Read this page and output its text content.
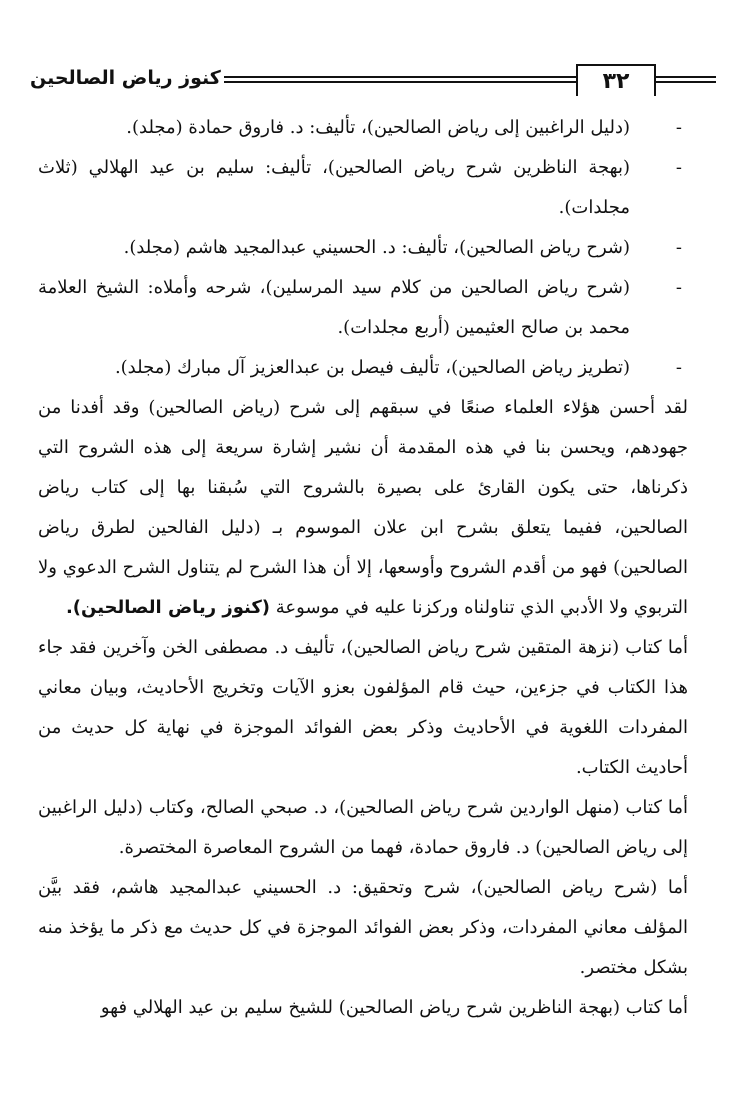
٣٢
كنوز رياض الصالحين
- (دليل الراغبين إلى رياض الصالحين)، تأليف: د. فاروق حمادة (مجلد).
- (بهجة الناظرين شرح رياض الصالحين)، تأليف: سليم بن عيد الهلالي (ثلاث مجلدات).
- (شرح رياض الصالحين)، تأليف: د. الحسيني عبدالمجيد هاشم (مجلد).
- (شرح رياض الصالحين من كلام سيد المرسلين)، شرحه وأملاه: الشيخ العلامة محمد بن صالح العثيمين (أربع مجلدات).
- (تطريز رياض الصالحين)، تأليف فيصل بن عبدالعزيز آل مبارك (مجلد).

لقد أحسن هؤلاء العلماء صنعًا في سبقهم إلى شرح (رياض الصالحين) وقد أفدنا من جهودهم، ويحسن بنا في هذه المقدمة أن نشير إشارة سريعة إلى هذه الشروح التي ذكرناها، حتى يكون القارئ على بصيرة بالشروح التي سُبقنا بها إلى كتاب رياض الصالحين، ففيما يتعلق بشرح ابن علان الموسوم بـ (دليل الفالحين لطرق رياض الصالحين) فهو من أقدم الشروح وأوسعها، إلا أن هذا الشرح لم يتناول الشرح الدعوي ولا التربوي ولا الأدبي الذي تناولناه وركزنا عليه في موسوعة (كنوز رياض الصالحين).

أما كتاب (نزهة المتقين شرح رياض الصالحين)، تأليف د. مصطفى الخن وآخرين فقد جاء هذا الكتاب في جزءين، حيث قام المؤلفون بعزو الآيات وتخريج الأحاديث، وبيان معاني المفردات اللغوية في الأحاديث وذكر بعض الفوائد الموجزة في نهاية كل حديث من أحاديث الكتاب.

أما كتاب (منهل الواردين شرح رياض الصالحين)، د. صبحي الصالح، وكتاب (دليل الراغبين إلى رياض الصالحين) د. فاروق حمادة، فهما من الشروح المعاصرة المختصرة.

أما (شرح رياض الصالحين)، شرح وتحقيق: د. الحسيني عبدالمجيد هاشم، فقد بيَّن المؤلف معاني المفردات، وذكر بعض الفوائد الموجزة في كل حديث مع ذكر ما يؤخذ منه بشكل مختصر.

أما كتاب (بهجة الناظرين شرح رياض الصالحين) للشيخ سليم بن عيد الهلالي فهو
